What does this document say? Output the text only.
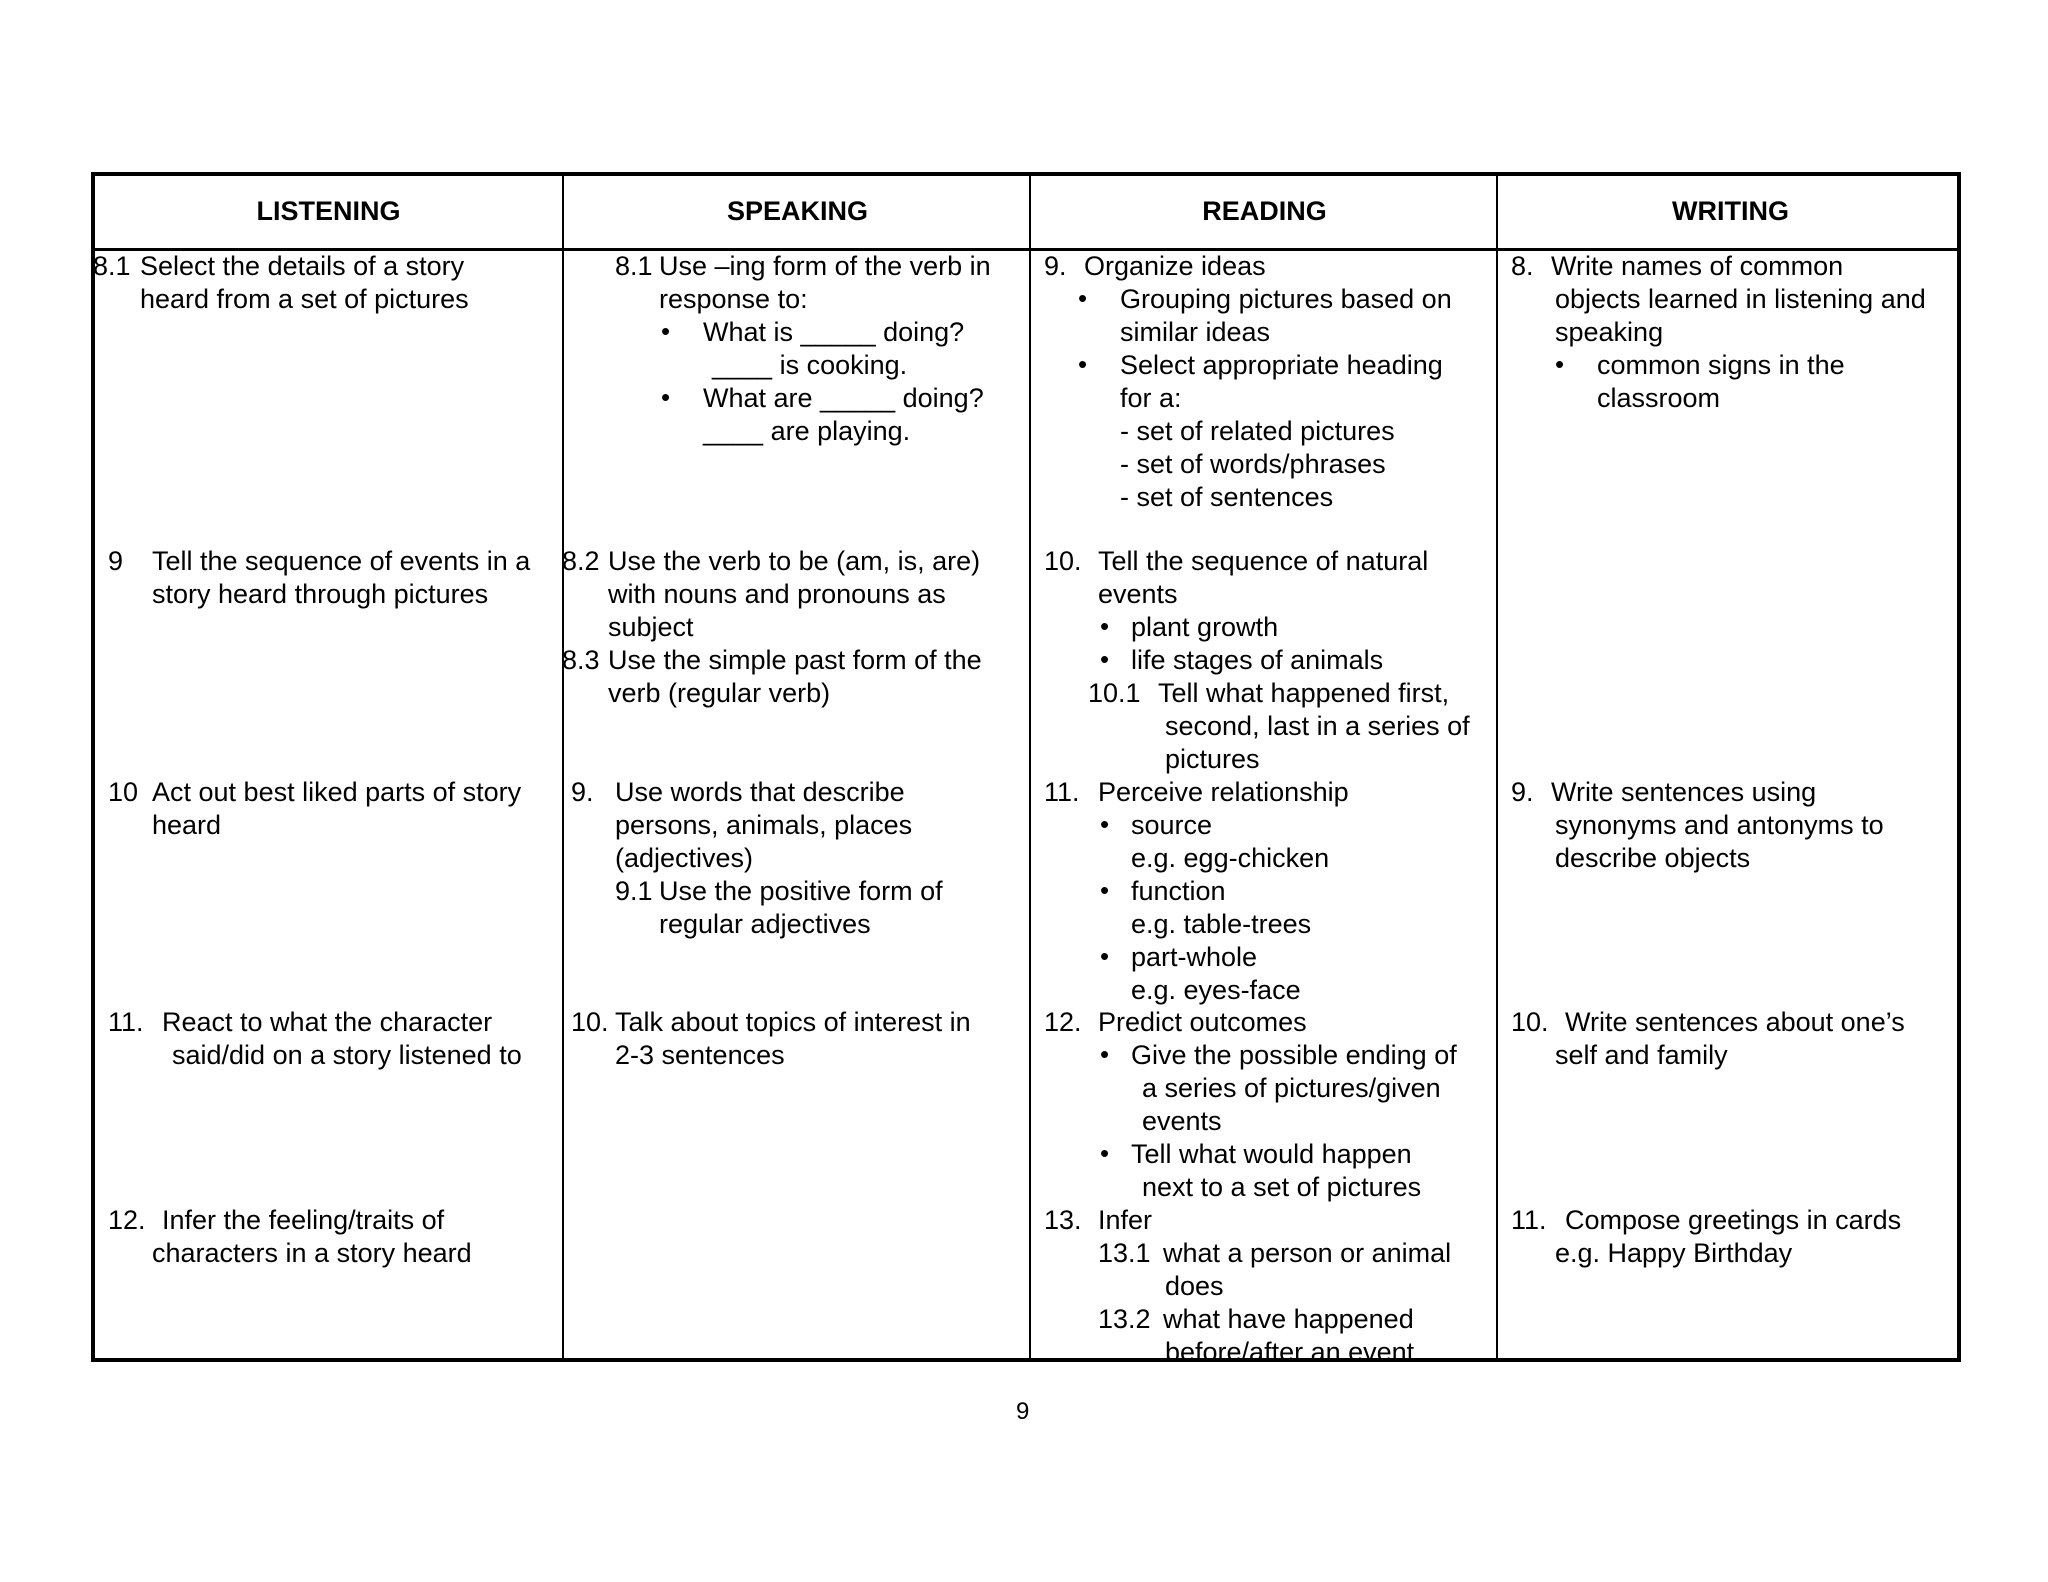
LISTENING
8.1 Select the details of a story
heard from a set of pictures
9 Tell the sequence of events in a
story heard through pictures
10 Act out best liked parts of story
heard
11. React to what the character
said/did on a story listened to
12. Infer the feeling/traits of
characters in a story heard
SPEAKING
8.1 Use –ing form of the verb in
response to:
• What is _____ doing?
____ is cooking.
• What are _____ doing?
____ are playing.
8.2 Use the verb to be (am, is, are)
with nouns and pronouns as
subject
8.3 Use the simple past form of the
verb (regular verb)
9. Use words that describe
persons, animals, places
(adjectives)
9.1 Use the positive form of
regular adjectives
10. Talk about topics of interest in
2-3 sentences
READING
9. Organize ideas
• Grouping pictures based on
similar ideas
• Select appropriate heading
for a:
- set of related pictures
- set of words/phrases
- set of sentences
10. Tell the sequence of natural
events
• plant growth
• life stages of animals
10.1 Tell what happened first,
second, last in a series of
pictures
11. Perceive relationship
• source
e.g. egg-chicken
• function
e.g. table-trees
• part-whole
e.g. eyes-face
12. Predict outcomes
• Give the possible ending of
a series of pictures/given
events
• Tell what would happen
next to a set of pictures
13. Infer
13.1 what a person or animal
does
13.2 what have happened
before/after an event
WRITING
8. Write names of common
objects learned in listening and
speaking
• common signs in the
classroom
9. Write sentences using
synonyms and antonyms to
describe objects
10. Write sentences about one’s
self and family
11. Compose greetings in cards
e.g. Happy Birthday
9
